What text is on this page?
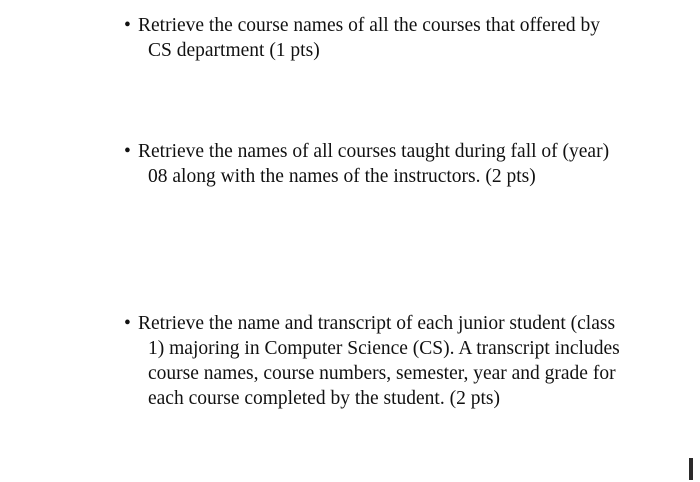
• Retrieve the course names of all the courses that offered by CS department (1 pts)
• Retrieve the names of all courses taught during fall of (year) 08 along with the names of the instructors. (2 pts)
• Retrieve the name and transcript of each junior student (class 1) majoring in Computer Science (CS). A transcript includes course names, course numbers, semester, year and grade for each course completed by the student. (2 pts)
